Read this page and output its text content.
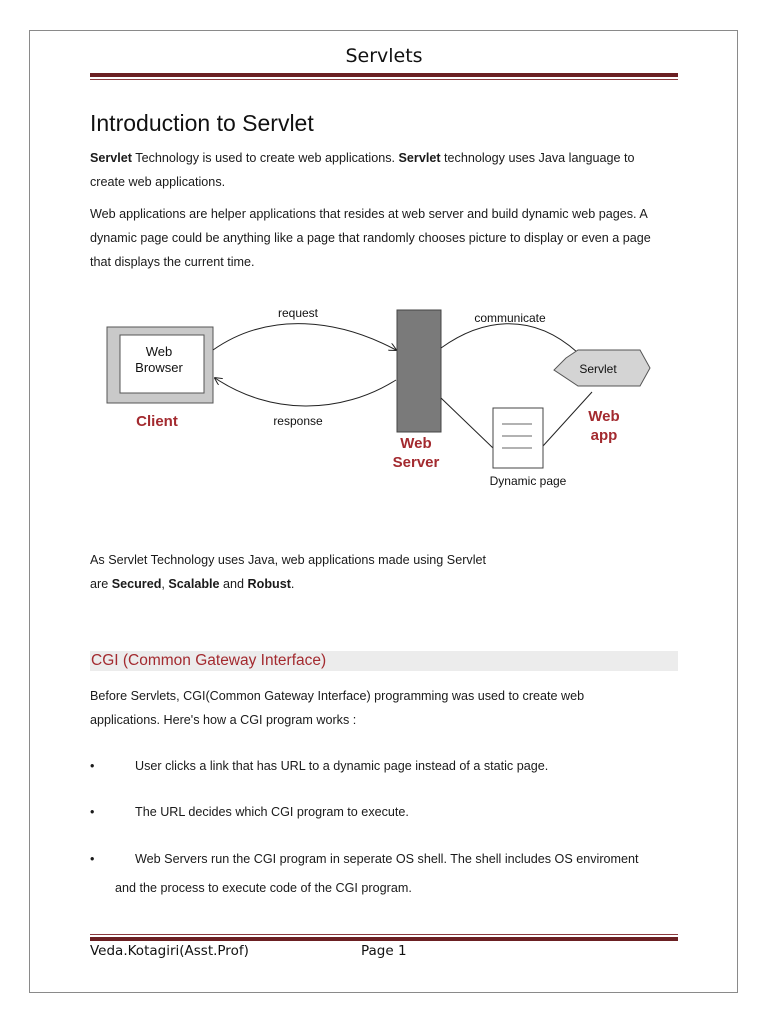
Servlets
Introduction to Servlet
Servlet Technology is used to create web applications. Servlet technology uses Java language to
create web applications.
Web applications are helper applications that resides at web server and build dynamic web pages. A
dynamic page could be anything like a page that randomly chooses picture to display or even a page
that displays the current time.
Web
Browser
Client
request
response
Web
Server
communicate
Servlet
Web
app
Dynamic page
As Servlet Technology uses Java, web applications made using Servlet
are Secured, Scalable and Robust.
CGI (Common Gateway Interface)
Before Servlets, CGI(Common Gateway Interface) programming was used to create web
applications. Here's how a CGI program works :
•	User clicks a link that has URL to a dynamic page instead of a static page.
•	The URL decides which CGI program to execute.
•	Web Servers run the CGI program in seperate OS shell. The shell includes OS enviroment
and the process to execute code of the CGI program.
Veda.Kotagiri(Asst.Prof)	Page 1
